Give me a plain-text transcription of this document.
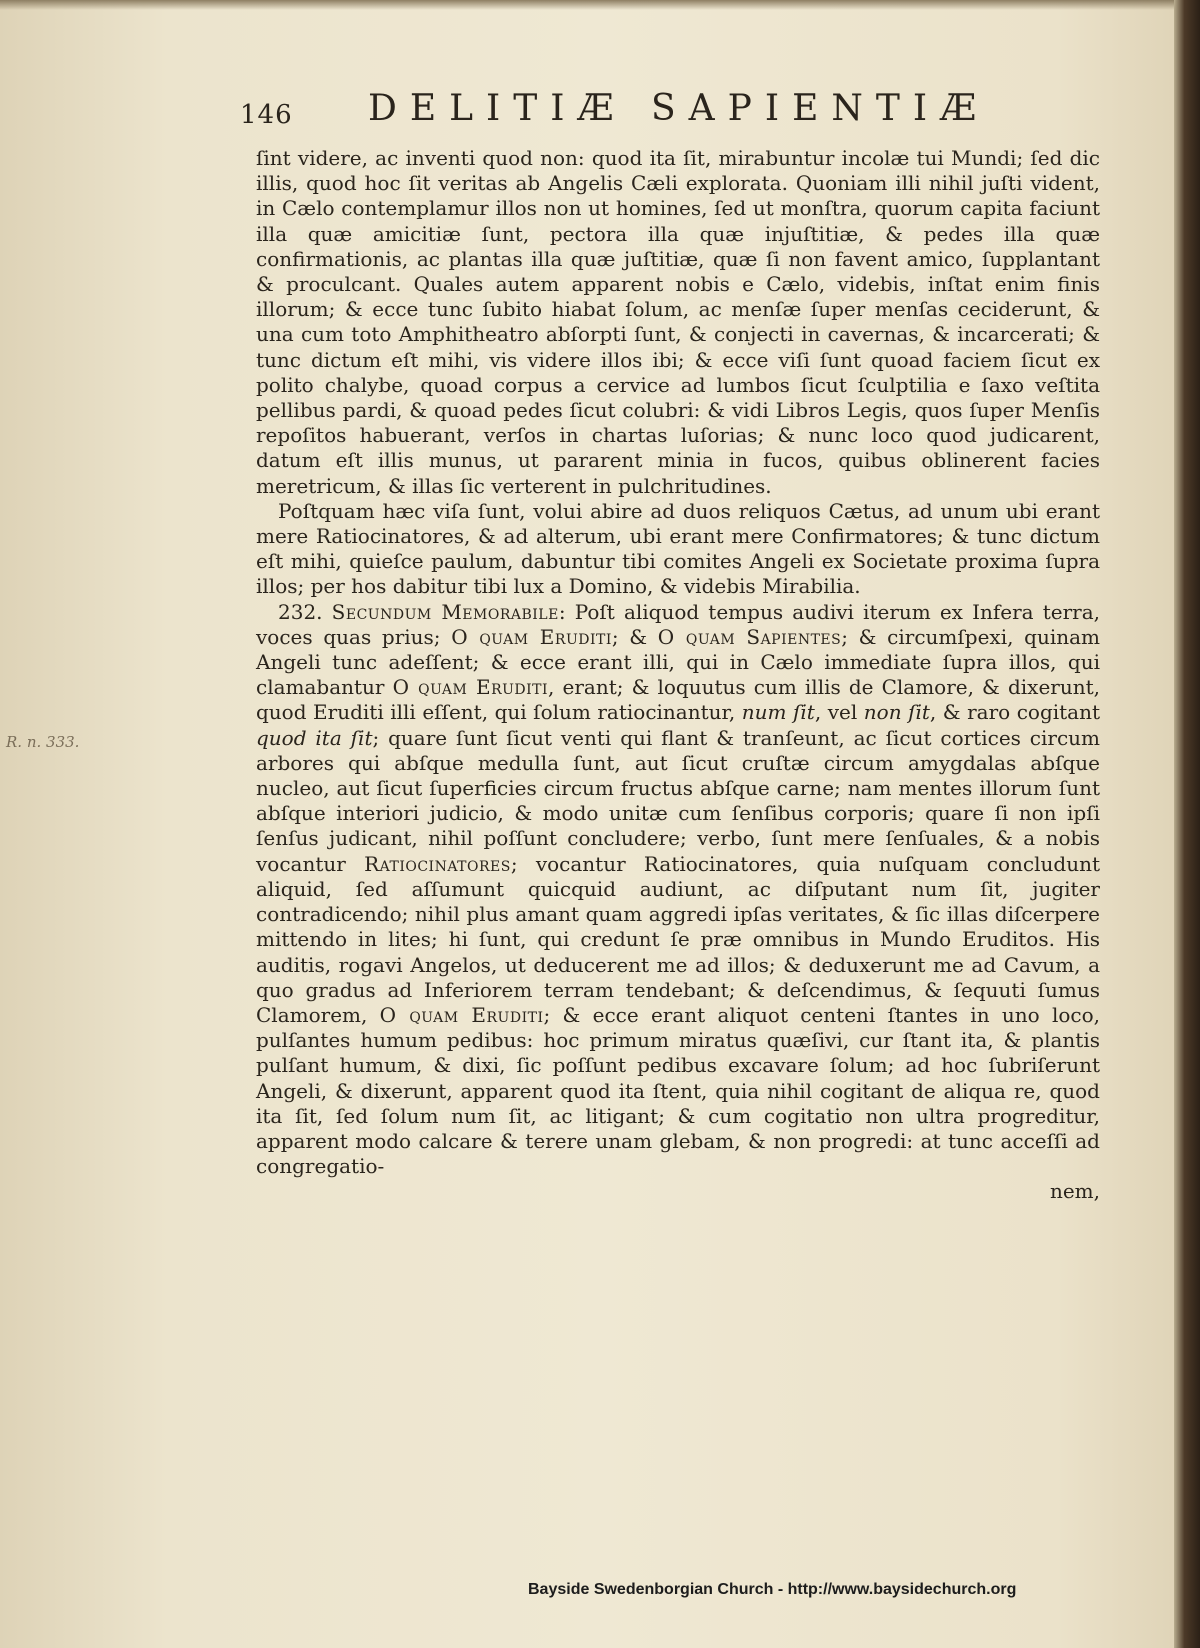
146 DELITIÆ SAPIENTIÆ
R. n. 333.

ſint videre, ac inventi quod non: quod ita ſit, mirabuntur incolæ tui Mundi; ſed dic illis, quod hoc ſit veritas ab Angelis Cæli explorata. Quoniam illi nihil juſti vident, in Cælo contemplamur illos non ut homines, ſed ut monſtra, quorum capita faciunt illa quæ amicitiæ ſunt, pectora illa quæ injuſtitiæ, & pedes illa quæ confirmationis, ac plantas illa quæ juſtitiæ, quæ ſi non favent amico, ſupplantant & proculcant. Quales autem apparent nobis e Cælo, videbis, inſtat enim finis illorum; & ecce tunc ſubito hiabat ſolum, ac menſæ ſuper menſas ceciderunt, & una cum toto Amphitheatro abſorpti ſunt, & conjecti in cavernas, & incarcerati; & tunc dictum eſt mihi, vis videre illos ibi; & ecce viſi ſunt quoad faciem ſicut ex polito chalybe, quoad corpus a cervice ad lumbos ſicut ſculptilia e ſaxo veſtita pellibus pardi, & quoad pedes ſicut colubri: & vidi Libros Legis, quos ſuper Menſis repoſitos habuerant, verſos in chartas luſorias; & nunc loco quod judicarent, datum eſt illis munus, ut pararent minia in fucos, quibus oblinerent facies meretricum, & illas ſic verterent in pulchritudines.

Poſtquam hæc viſa ſunt, volui abire ad duos reliquos Cætus, ad unum ubi erant mere Ratiocinatores, & ad alterum, ubi erant mere Confirmatores; & tunc dictum eſt mihi, quieſce paulum, dabuntur tibi comites Angeli ex Societate proxima ſupra illos; per hos dabitur tibi lux a Domino, & videbis Mirabilia.

232. Secundum Memorabile: Poſt aliquod tempus audivi iterum ex Infera terra, voces quas prius; O quam Eruditi; & O quam Sapientes; & circumſpexi, quinam Angeli tunc adeſſent; & ecce erant illi, qui in Cælo immediate ſupra illos, qui clamabantur O quam Eruditi, erant; & loquutus cum illis de Clamore, & dixerunt, quod Eruditi illi eſſent, qui ſolum ratiocinantur, num ſit, vel non ſit, & raro cogitant quod ita ſit; quare ſunt ſicut venti qui flant & tranſeunt, ac ſicut cortices circum arbores qui abſque medulla ſunt, aut ſicut cruſtæ circum amygdalas abſque nucleo, aut ſicut ſuperficies circum fructus abſque carne; nam mentes illorum ſunt abſque interiori judicio, & modo unitæ cum ſenſibus corporis; quare ſi non ipſi ſenſus judicant, nihil poſſunt concludere; verbo, ſunt mere ſenſuales, & a nobis vocantur Ratiocinatores; vocantur Ratiocinatores, quia nuſquam concludunt aliquid, ſed aſſumunt quicquid audiunt, ac diſputant num ſit, jugiter contradicendo; nihil plus amant quam aggredi ipſas veritates, & ſic illas diſcerpere mittendo in lites; hi ſunt, qui credunt ſe præ omnibus in Mundo Eruditos. His auditis, rogavi Angelos, ut deducerent me ad illos; & deduxerunt me ad Cavum, a quo gradus ad Inferiorem terram tendebant; & deſcendimus, & ſequuti ſumus Clamorem, O quam Eruditi; & ecce erant aliquot centeni ſtantes in uno loco, pulſantes humum pedibus: hoc primum miratus quæſivi, cur ſtant ita, & plantis pulſant humum, & dixi, ſic poſſunt pedibus excavare ſolum; ad hoc ſubriſerunt Angeli, & dixerunt, apparent quod ita ſtent, quia nihil cogitant de aliqua re, quod ita ſit, ſed ſolum num ſit, ac litigant; & cum cogitatio non ultra progreditur, apparent modo calcare & terere unam glebam, & non progredi: at tunc acceſſi ad congregatio-

nem,
Bayside Swedenborgian Church - http://www.baysidechurch.org
